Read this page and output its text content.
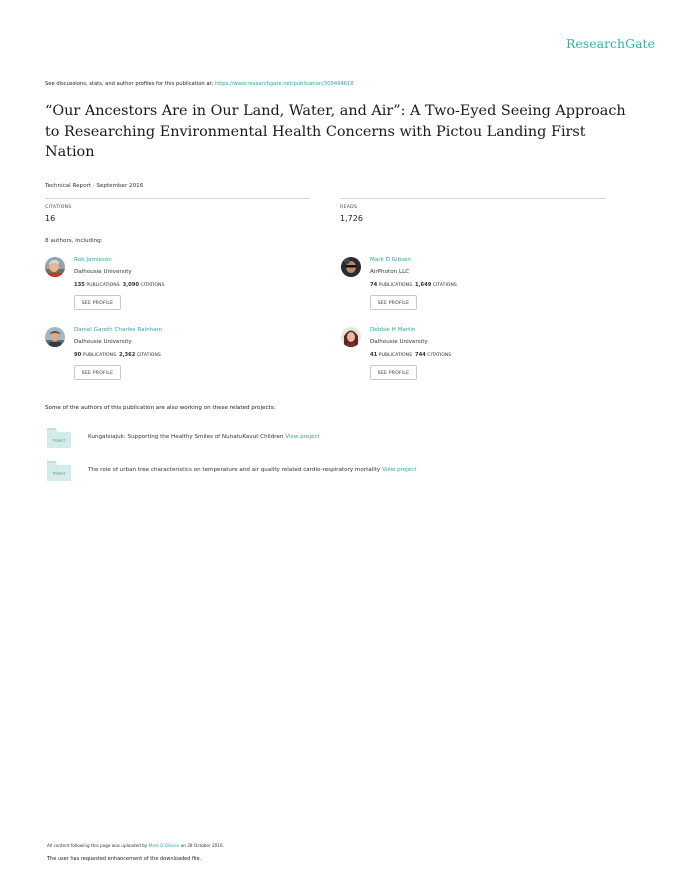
ResearchGate
See discussions, stats, and author profiles for this publication at: https://www.researchgate.net/publication/309494618
“Our Ancestors Are in Our Land, Water, and Air”: A Two-Eyed Seeing Approach
to Researching Environmental Health Concerns with Pictou Landing First
Nation
Technical Report · September 2016
CITATIONS
16
READS
1,726
8 authors, including:
Rob Jamieson
Dalhousie University
135 PUBLICATIONS 3,090 CITATIONS
SEE PROFILE
Mark D Gibson
AirPhoton LLC
74 PUBLICATIONS 1,649 CITATIONS
SEE PROFILE
Daniel Gareth Charles Rainham
Dalhousie University
90 PUBLICATIONS 2,362 CITATIONS
SEE PROFILE
Debbie H Martin
Dalhousie University
41 PUBLICATIONS 744 CITATIONS
SEE PROFILE
Some of the authors of this publication are also working on these related projects:
Project
Kungatsiajuk: Supporting the Healthy Smiles of NunatuKavut Children View project
Project
The role of urban tree characteristics on temperature and air quality related cardio-respiratory mortality View project
All content following this page was uploaded by Mark D Gibson on 28 October 2016.
The user has requested enhancement of the downloaded file.
